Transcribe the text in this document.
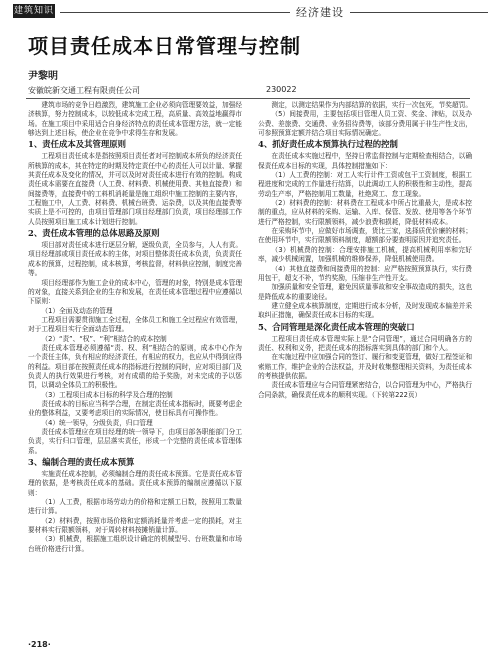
建筑知识	经济建设
项目责任成本日常管理与控制
尹黎明
安徽皖新交通工程有限责任公司	230022

建筑市场的竞争日趋激烈，建筑施工企业必须向管理要效益，加强经济核算，努力控制成本，以较低成本完成工程，高质量、高效益地赢得市场。在施工项目中采用适合自身经济特点的责任成本管理方法，就一定能够达到上述目标，使企业在竞争中求得生存和发展。

1、责任成本及其管理原则

工程项目责任成本是指按照项目责任者对可控制成本所负的经济责任所核算的成本，其在特定的时期及特定责任中心的责任人可以计量、掌握其责任成本及变化的情况，并可以及时对责任成本进行有效的控制。构成责任成本需要在直接费（人工费、材料费、机械使用费、其他直接费）和间接费等，直接费中的工料机消耗量是施工组织中施工控制的主要内容，工程施工中，人工费、材料费、机械台班费、运杂费，以及其他直接费等实质上是不可控的，由项目管理部门项目经理部门负责，项目经理部工作人员按照项目施工成本计划进行控制。

2、责任成本管理的总体思路及原则

项目部对责任成本进行逐层分解，逐级负责，全员参与，人人有责。项目经理部或项目责任成本的主体，对项目整体责任成本负责，负责责任成本的预算，过程控制，成本核算，考核监督，材料供应控制，制度完善等。

项目经理部作为施工企业的成本中心，管理的对象，特别是成本管理的对象，直接关系到企业的生存和发展，在责任成本管理过程中应遵循以下原则：

（1）全面及动态的管理

工程项目需要贯彻施工全过程，全体员工和施工全过程应有效管理，对于工程项目实行全面动态管理。

（2）“责”、“权”、“利”相结合的成本控制

责任成本管理必须遵循“责、权、利”相结合的原则，成本中心作为一个责任主体，负有相应的经济责任，有相应的权力，也应从中得到应得的利益。项目部在按照责任成本的指标进行控制的同时，应对项目部门及负责人的执行效果进行考核，对有成绩的给予奖励，对未完成的予以惩罚，以调动全体员工的积极性。

（3）工程项目成本目标的科学及合理的控制

责任成本的目标应当科学合理，在制定责任成本指标时，既要考虑企业的整体利益，又要考虑项目的实际情况，使目标具有可操作性。

（4）统一领导，分级负责，归口管理

责任成本管理应在项目经理的统一领导下，由项目部各职能部门分工负责，实行归口管理，层层落实责任，形成一个完整的责任成本管理体系。

3、编制合理的责任成本预算

实施责任成本控制，必须编制合理的责任成本预算。它是责任成本管理的依据，是考核责任成本的基础。责任成本预算的编制应遵循以下原则：

（1）人工费，根据市场劳动力的价格和定额工日数，按照用工数量进行计算。

（2）材料费，按照市场价格和定额消耗量并考虑一定的损耗，对主要材料实行限额领料，对于周转材料按摊销量计算。

（3）机械费，根据施工组织设计确定的机械型号、台班数量和市场台班价格进行计算。

测定，以测定结果作为内部结算的依据，实行一次包死，节奖超罚。

（5）间接费用，主要包括项目管理人员工资、奖金、津贴，以及办公费、差旅费、交通费、业务招待费等，该部分费用属于非生产性支出，可参照预算定额并结合项目实际情况确定。

4、抓好责任成本预算执行过程的控制

在责任成本实施过程中，坚持日常监督控制与定期检查相结合，以确保责任成本目标的实现，具体控制措施如下：

（1）人工费的控制：对工人实行计件工资或包干工资制度，根据工程进度和完成的工作量进行结算，以此调动工人的积极性和主动性，提高劳动生产率，严格控制用工数量，杜绝窝工、怠工现象。

（2）材料费的控制：材料费在工程成本中所占比重最大，是成本控制的重点，应从材料的采购、运输、入库、保管、发放、使用等各个环节进行严格控制，实行限额领料，减少浪费和损耗，降低材料成本。

在采购环节中，应做好市场调查，货比三家，选择质优价廉的材料；在使用环节中，实行限额领料制度，超额部分要查明原因并追究责任。

（3）机械费的控制：合理安排施工机械，提高机械利用率和完好率，减少机械闲置，加强机械的维修保养，降低机械使用费。

（4）其他直接费和间接费用的控制：应严格按照预算执行，实行费用包干，超支不补，节约奖励，压缩非生产性开支。

加强质量和安全管理，避免因质量事故和安全事故造成的损失，这也是降低成本的重要途径。

建立健全成本核算制度，定期进行成本分析，及时发现成本偏差并采取纠正措施，确保责任成本目标的实现。

5、合同管理是深化责任成本管理的突破口

工程项目责任成本管理实际上是“合同管理”，通过合同明确各方的责任、权利和义务，把责任成本的指标落实到具体的部门和个人。

在实施过程中应加强合同的签订、履行和变更管理，做好工程签证和索赔工作，维护企业的合法权益，并及时收集整理相关资料，为责任成本的考核提供依据。

责任成本管理应与合同管理紧密结合，以合同管理为中心，严格执行合同条款，确保责任成本的顺利实现。（下转第222页）

·218·
